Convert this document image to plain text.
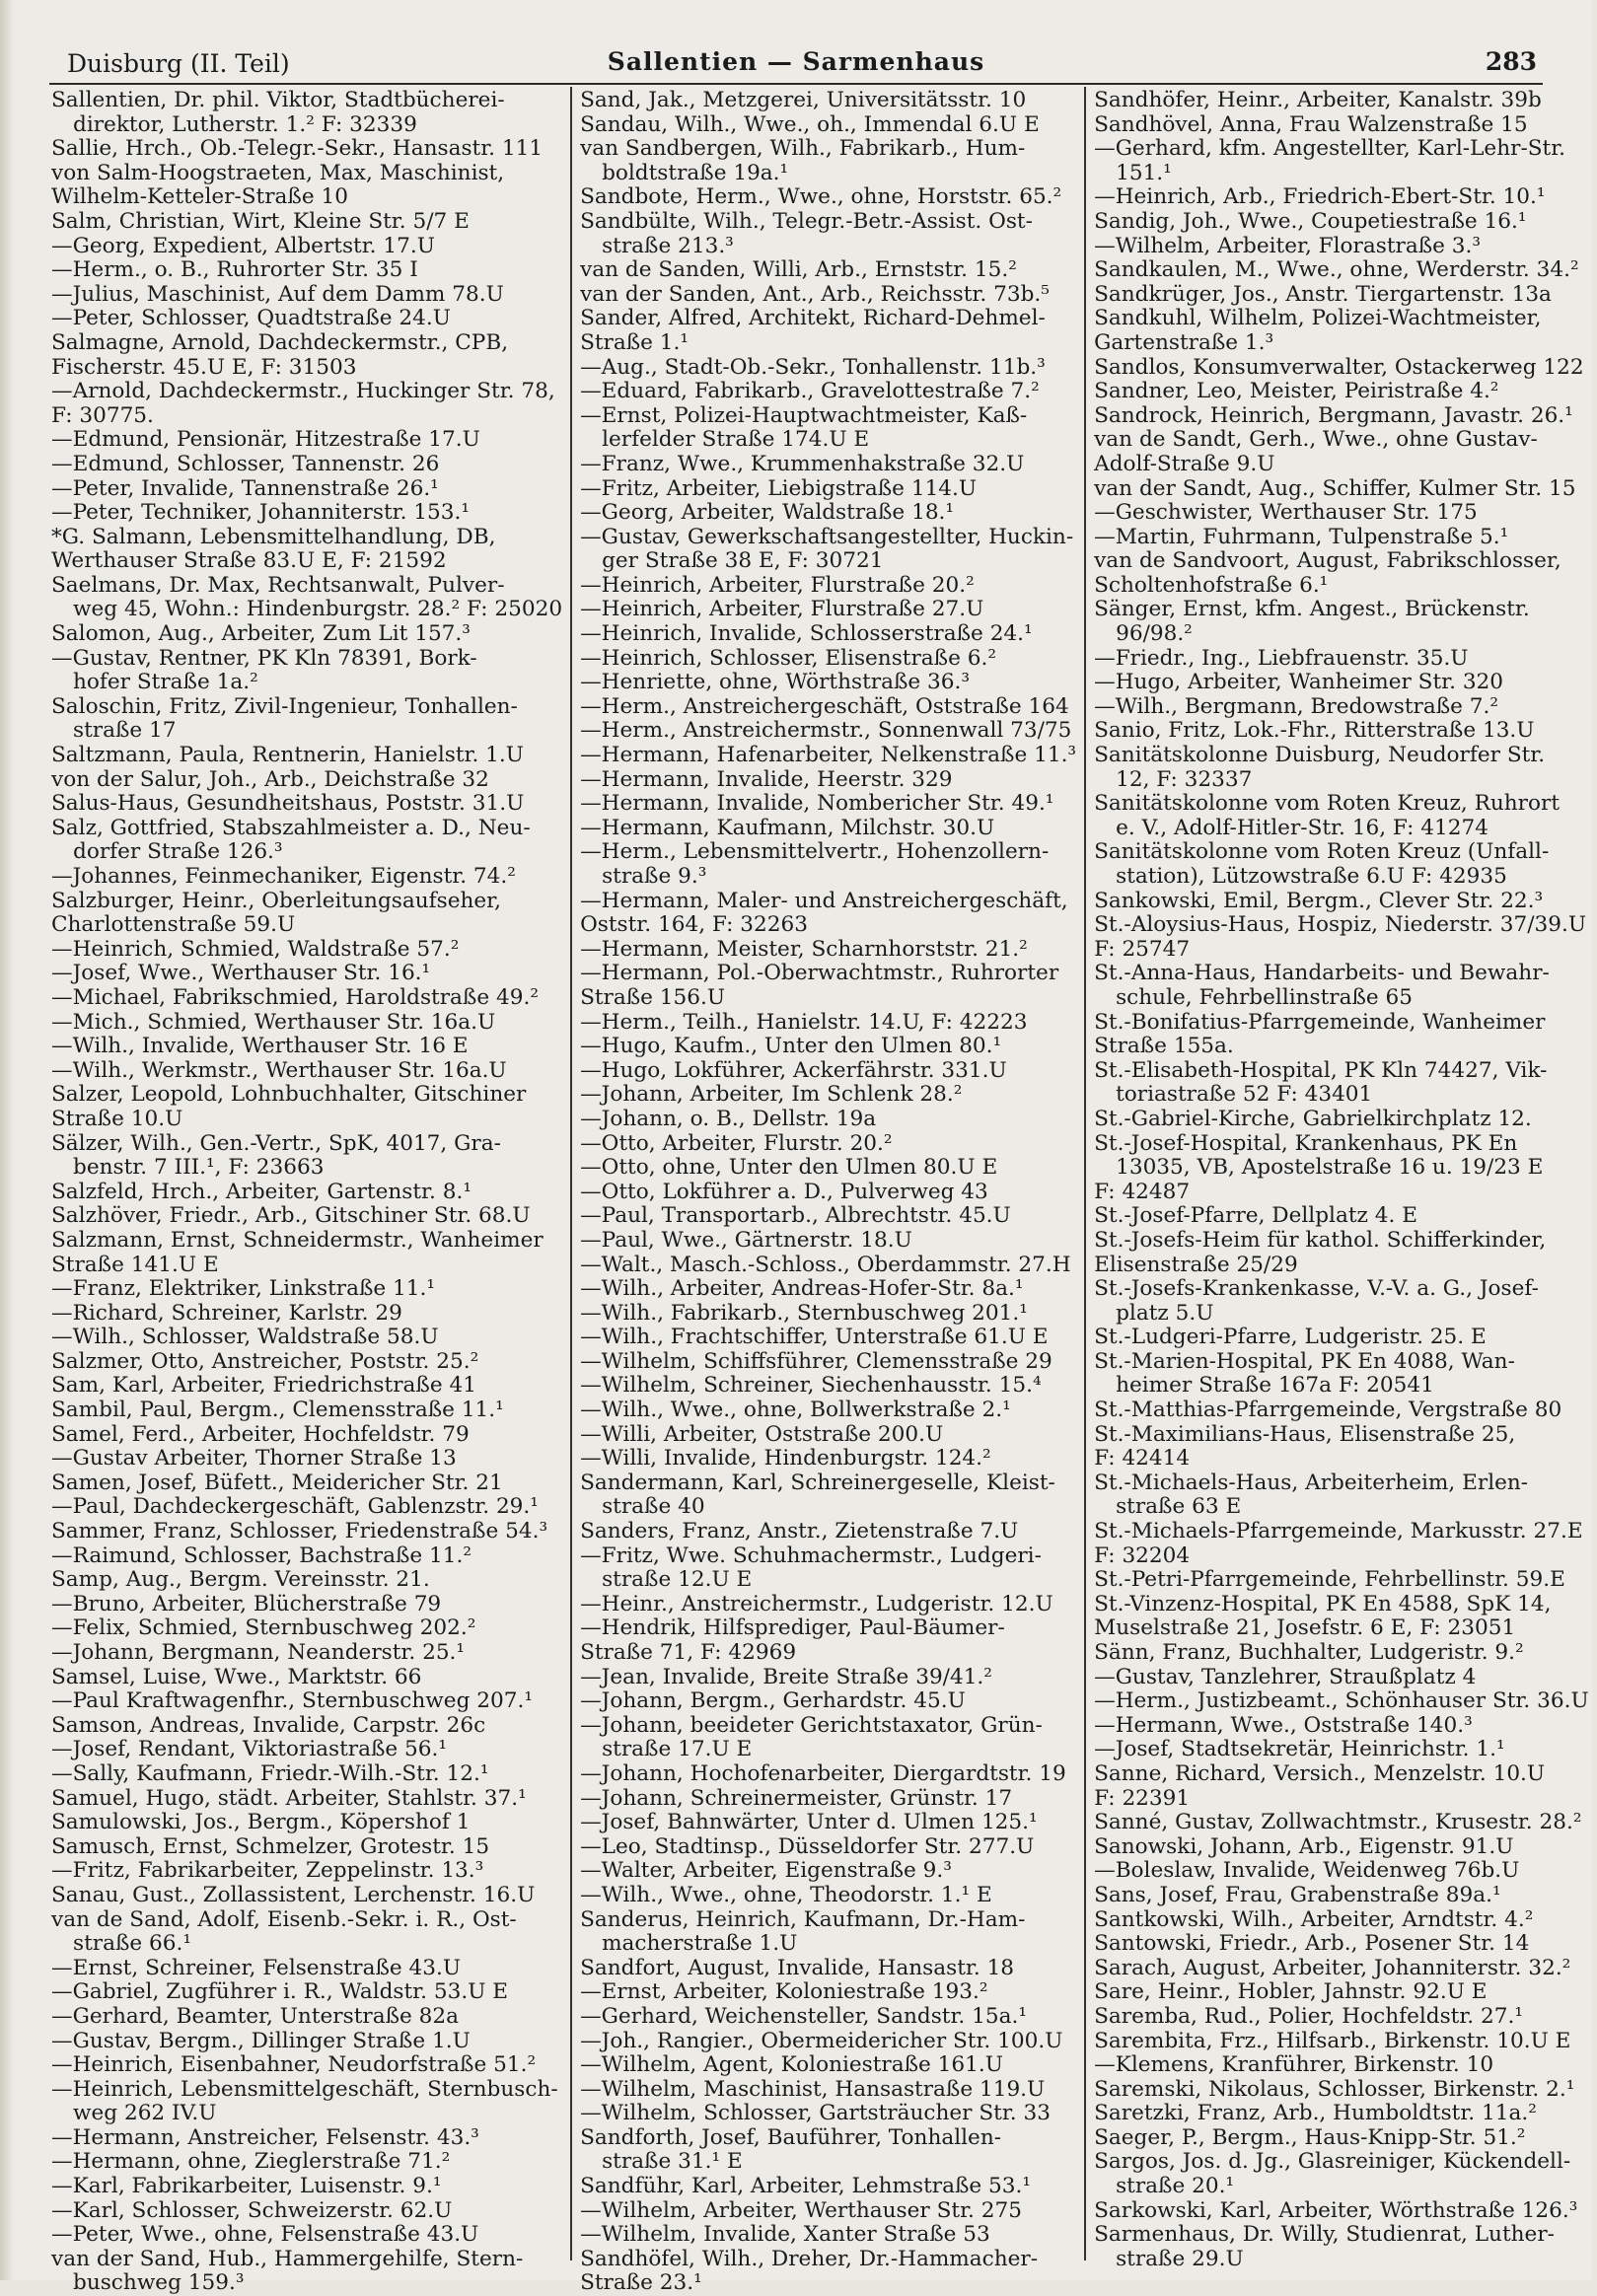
Duisburg (II. Teil)	Sallentien — Sarmenhaus	283
Sallentien, Dr. phil. Viktor, Stadtbücherei-
direktor, Lutherstr. 1.² F: 32339
Sallie, Hrch., Ob.-Telegr.-Sekr., Hansastr. 111
von Salm-Hoogstraeten, Max, Maschinist,
Wilhelm-Ketteler-Straße 10
Salm, Christian, Wirt, Kleine Str. 5/7 E
—Georg, Expedient, Albertstr. 17.U
—Herm., o. B., Ruhrorter Str. 35 I
—Julius, Maschinist, Auf dem Damm 78.U
—Peter, Schlosser, Quadtstraße 24.U
Salmagne, Arnold, Dachdeckermstr., CPB,
Fischerstr. 45.U E, F: 31503
—Arnold, Dachdeckermstr., Huckinger Str. 78,
F: 30775.
—Edmund, Pensionär, Hitzestraße 17.U
—Edmund, Schlosser, Tannenstr. 26
—Peter, Invalide, Tannenstraße 26.¹
—Peter, Techniker, Johanniterstr. 153.¹
*G. Salmann, Lebensmittelhandlung, DB,
Werthauser Straße 83.U E, F: 21592
Saelmans, Dr. Max, Rechtsanwalt, Pulver-
weg 45, Wohn.: Hindenburgstr. 28.² F: 25020
Salomon, Aug., Arbeiter, Zum Lit 157.³
—Gustav, Rentner, PK Kln 78391, Bork-
hofer Straße 1a.²
Saloschin, Fritz, Zivil-Ingenieur, Tonhallen-
straße 17
Saltzmann, Paula, Rentnerin, Hanielstr. 1.U
von der Salur, Joh., Arb., Deichstraße 32
Salus-Haus, Gesundheitshaus, Poststr. 31.U
Salz, Gottfried, Stabszahlmeister a. D., Neu-
dorfer Straße 126.³
—Johannes, Feinmechaniker, Eigenstr. 74.²
Salzburger, Heinr., Oberleitungsaufseher,
Charlottenstraße 59.U
—Heinrich, Schmied, Waldstraße 57.²
—Josef, Wwe., Werthauser Str. 16.¹
—Michael, Fabrikschmied, Haroldstraße 49.²
—Mich., Schmied, Werthauser Str. 16a.U
—Wilh., Invalide, Werthauser Str. 16 E
—Wilh., Werkmstr., Werthauser Str. 16a.U
Salzer, Leopold, Lohnbuchhalter, Gitschiner
Straße 10.U
Sälzer, Wilh., Gen.-Vertr., SpK, 4017, Gra-
benstr. 7 III.¹, F: 23663
Salzfeld, Hrch., Arbeiter, Gartenstr. 8.¹
Salzhöver, Friedr., Arb., Gitschiner Str. 68.U
Salzmann, Ernst, Schneidermstr., Wanheimer
Straße 141.U E
—Franz, Elektriker, Linkstraße 11.¹
—Richard, Schreiner, Karlstr. 29
—Wilh., Schlosser, Waldstraße 58.U
Salzmer, Otto, Anstreicher, Poststr. 25.²
Sam, Karl, Arbeiter, Friedrichstraße 41
Sambil, Paul, Bergm., Clemensstraße 11.¹
Samel, Ferd., Arbeiter, Hochfeldstr. 79
—Gustav Arbeiter, Thorner Straße 13
Samen, Josef, Büfett., Meidericher Str. 21
—Paul, Dachdeckergeschäft, Gablenzstr. 29.¹
Sammer, Franz, Schlosser, Friedenstraße 54.³
—Raimund, Schlosser, Bachstraße 11.²
Samp, Aug., Bergm. Vereinsstr. 21.
—Bruno, Arbeiter, Blücherstraße 79
—Felix, Schmied, Sternbuschweg 202.²
—Johann, Bergmann, Neanderstr. 25.¹
Samsel, Luise, Wwe., Marktstr. 66
—Paul Kraftwagenfhr., Sternbuschweg 207.¹
Samson, Andreas, Invalide, Carpstr. 26c
—Josef, Rendant, Viktoriastraße 56.¹
—Sally, Kaufmann, Friedr.-Wilh.-Str. 12.¹
Samuel, Hugo, städt. Arbeiter, Stahlstr. 37.¹
Samulowski, Jos., Bergm., Köpershof 1
Samusch, Ernst, Schmelzer, Grotestr. 15
—Fritz, Fabrikarbeiter, Zeppelinstr. 13.³
Sanau, Gust., Zollassistent, Lerchenstr. 16.U
van de Sand, Adolf, Eisenb.-Sekr. i. R., Ost-
straße 66.¹
—Ernst, Schreiner, Felsenstraße 43.U
—Gabriel, Zugführer i. R., Waldstr. 53.U E
—Gerhard, Beamter, Unterstraße 82a
—Gustav, Bergm., Dillinger Straße 1.U
—Heinrich, Eisenbahner, Neudorfstraße 51.²
—Heinrich, Lebensmittelgeschäft, Sternbusch-
weg 262 IV.U
—Hermann, Anstreicher, Felsenstr. 43.³
—Hermann, ohne, Zieglerstraße 71.²
—Karl, Fabrikarbeiter, Luisenstr. 9.¹
—Karl, Schlosser, Schweizerstr. 62.U
—Peter, Wwe., ohne, Felsenstraße 43.U
van der Sand, Hub., Hammergehilfe, Stern-
buschweg 159.³
Sand, Jak., Metzgerei, Universitätsstr. 10
Sandau, Wilh., Wwe., oh., Immendal 6.U E
van Sandbergen, Wilh., Fabrikarb., Hum-
boldtstraße 19a.¹
Sandbote, Herm., Wwe., ohne, Horststr. 65.²
Sandbülte, Wilh., Telegr.-Betr.-Assist. Ost-
straße 213.³
van de Sanden, Willi, Arb., Ernststr. 15.²
van der Sanden, Ant., Arb., Reichsstr. 73b.⁵
Sander, Alfred, Architekt, Richard-Dehmel-
Straße 1.¹
—Aug., Stadt-Ob.-Sekr., Tonhallenstr. 11b.³
—Eduard, Fabrikarb., Gravelottestraße 7.²
—Ernst, Polizei-Hauptwachtmeister, Kaß-
lerfelder Straße 174.U E
—Franz, Wwe., Krummenhakstraße 32.U
—Fritz, Arbeiter, Liebigstraße 114.U
—Georg, Arbeiter, Waldstraße 18.¹
—Gustav, Gewerkschaftsangestellter, Huckin-
ger Straße 38 E, F: 30721
—Heinrich, Arbeiter, Flurstraße 20.²
—Heinrich, Arbeiter, Flurstraße 27.U
—Heinrich, Invalide, Schlosserstraße 24.¹
—Heinrich, Schlosser, Elisenstraße 6.²
—Henriette, ohne, Wörthstraße 36.³
—Herm., Anstreichergeschäft, Oststraße 164
—Herm., Anstreichermstr., Sonnenwall 73/75
—Hermann, Hafenarbeiter, Nelkenstraße 11.³
—Hermann, Invalide, Heerstr. 329
—Hermann, Invalide, Nombericher Str. 49.¹
—Hermann, Kaufmann, Milchstr. 30.U
—Herm., Lebensmittelvertr., Hohenzollern-
straße 9.³
—Hermann, Maler- und Anstreichergeschäft,
Oststr. 164, F: 32263
—Hermann, Meister, Scharnhorststr. 21.²
—Hermann, Pol.-Oberwachtmstr., Ruhrorter
Straße 156.U
—Herm., Teilh., Hanielstr. 14.U, F: 42223
—Hugo, Kaufm., Unter den Ulmen 80.¹
—Hugo, Lokführer, Ackerfährstr. 331.U
—Johann, Arbeiter, Im Schlenk 28.²
—Johann, o. B., Dellstr. 19a
—Otto, Arbeiter, Flurstr. 20.²
—Otto, ohne, Unter den Ulmen 80.U E
—Otto, Lokführer a. D., Pulverweg 43
—Paul, Transportarb., Albrechtstr. 45.U
—Paul, Wwe., Gärtnerstr. 18.U
—Walt., Masch.-Schloss., Oberdammstr. 27.H
—Wilh., Arbeiter, Andreas-Hofer-Str. 8a.¹
—Wilh., Fabrikarb., Sternbuschweg 201.¹
—Wilh., Frachtschiffer, Unterstraße 61.U E
—Wilhelm, Schiffsführer, Clemensstraße 29
—Wilhelm, Schreiner, Siechenhausstr. 15.⁴
—Wilh., Wwe., ohne, Bollwerkstraße 2.¹
—Willi, Arbeiter, Oststraße 200.U
—Willi, Invalide, Hindenburgstr. 124.²
Sandermann, Karl, Schreinergeselle, Kleist-
straße 40
Sanders, Franz, Anstr., Zietenstraße 7.U
—Fritz, Wwe. Schuhmachermstr., Ludgeri-
straße 12.U E
—Heinr., Anstreichermstr., Ludgeristr. 12.U
—Hendrik, Hilfsprediger, Paul-Bäumer-
Straße 71, F: 42969
—Jean, Invalide, Breite Straße 39/41.²
—Johann, Bergm., Gerhardstr. 45.U
—Johann, beeideter Gerichtstaxator, Grün-
straße 17.U E
—Johann, Hochofenarbeiter, Diergardtstr. 19
—Johann, Schreinermeister, Grünstr. 17
—Josef, Bahnwärter, Unter d. Ulmen 125.¹
—Leo, Stadtinsp., Düsseldorfer Str. 277.U
—Walter, Arbeiter, Eigenstraße 9.³
—Wilh., Wwe., ohne, Theodorstr. 1.¹ E
Sanderus, Heinrich, Kaufmann, Dr.-Ham-
macherstraße 1.U
Sandfort, August, Invalide, Hansastr. 18
—Ernst, Arbeiter, Koloniestraße 193.²
—Gerhard, Weichensteller, Sandstr. 15a.¹
—Joh., Rangier., Obermeidericher Str. 100.U
—Wilhelm, Agent, Koloniestraße 161.U
—Wilhelm, Maschinist, Hansastraße 119.U
—Wilhelm, Schlosser, Gartsträucher Str. 33
Sandforth, Josef, Bauführer, Tonhallen-
straße 31.¹ E
Sandführ, Karl, Arbeiter, Lehmstraße 53.¹
—Wilhelm, Arbeiter, Werthauser Str. 275
—Wilhelm, Invalide, Xanter Straße 53
Sandhöfel, Wilh., Dreher, Dr.-Hammacher-
Straße 23.¹
Sandhöfer, Heinr., Arbeiter, Kanalstr. 39b
Sandhövel, Anna, Frau Walzenstraße 15
—Gerhard, kfm. Angestellter, Karl-Lehr-Str.
151.¹
—Heinrich, Arb., Friedrich-Ebert-Str. 10.¹
Sandig, Joh., Wwe., Coupetiestraße 16.¹
—Wilhelm, Arbeiter, Florastraße 3.³
Sandkaulen, M., Wwe., ohne, Werderstr. 34.²
Sandkrüger, Jos., Anstr. Tiergartenstr. 13a
Sandkuhl, Wilhelm, Polizei-Wachtmeister,
Gartenstraße 1.³
Sandlos, Konsumverwalter, Ostackerweg 122
Sandner, Leo, Meister, Peiristraße 4.²
Sandrock, Heinrich, Bergmann, Javastr. 26.¹
van de Sandt, Gerh., Wwe., ohne Gustav-
Adolf-Straße 9.U
van der Sandt, Aug., Schiffer, Kulmer Str. 15
—Geschwister, Werthauser Str. 175
—Martin, Fuhrmann, Tulpenstraße 5.¹
van de Sandvoort, August, Fabrikschlosser,
Scholtenhofstraße 6.¹
Sänger, Ernst, kfm. Angest., Brückenstr.
96/98.²
—Friedr., Ing., Liebfrauenstr. 35.U
—Hugo, Arbeiter, Wanheimer Str. 320
—Wilh., Bergmann, Bredowstraße 7.²
Sanio, Fritz, Lok.-Fhr., Ritterstraße 13.U
Sanitätskolonne Duisburg, Neudorfer Str.
12, F: 32337
Sanitätskolonne vom Roten Kreuz, Ruhrort
e. V., Adolf-Hitler-Str. 16, F: 41274
Sanitätskolonne vom Roten Kreuz (Unfall-
station), Lützowstraße 6.U F: 42935
Sankowski, Emil, Bergm., Clever Str. 22.³
St.-Aloysius-Haus, Hospiz, Niederstr. 37/39.U
F: 25747
St.-Anna-Haus, Handarbeits- und Bewahr-
schule, Fehrbellinstraße 65
St.-Bonifatius-Pfarrgemeinde, Wanheimer
Straße 155a.
St.-Elisabeth-Hospital, PK Kln 74427, Vik-
toriastraße 52 F: 43401
St.-Gabriel-Kirche, Gabrielkirchplatz 12.
St.-Josef-Hospital, Krankenhaus, PK En
13035, VB, Apostelstraße 16 u. 19/23 E
F: 42487
St.-Josef-Pfarre, Dellplatz 4. E
St.-Josefs-Heim für kathol. Schifferkinder,
Elisenstraße 25/29
St.-Josefs-Krankenkasse, V.-V. a. G., Josef-
platz 5.U
St.-Ludgeri-Pfarre, Ludgeristr. 25. E
St.-Marien-Hospital, PK En 4088, Wan-
heimer Straße 167a F: 20541
St.-Matthias-Pfarrgemeinde, Vergstraße 80
St.-Maximilians-Haus, Elisenstraße 25,
F: 42414
St.-Michaels-Haus, Arbeiterheim, Erlen-
straße 63 E
St.-Michaels-Pfarrgemeinde, Markusstr. 27.E
F: 32204
St.-Petri-Pfarrgemeinde, Fehrbellinstr. 59.E
St.-Vinzenz-Hospital, PK En 4588, SpK 14,
Muselstraße 21, Josefstr. 6 E, F: 23051
Sänn, Franz, Buchhalter, Ludgeristr. 9.²
—Gustav, Tanzlehrer, Straußplatz 4
—Herm., Justizbeamt., Schönhauser Str. 36.U
—Hermann, Wwe., Oststraße 140.³
—Josef, Stadtsekretär, Heinrichstr. 1.¹
Sanne, Richard, Versich., Menzelstr. 10.U
F: 22391
Sanné, Gustav, Zollwachtmstr., Krusestr. 28.²
Sanowski, Johann, Arb., Eigenstr. 91.U
—Boleslaw, Invalide, Weidenweg 76b.U
Sans, Josef, Frau, Grabenstraße 89a.¹
Santkowski, Wilh., Arbeiter, Arndtstr. 4.²
Santowski, Friedr., Arb., Posener Str. 14
Sarach, August, Arbeiter, Johanniterstr. 32.²
Sare, Heinr., Hobler, Jahnstr. 92.U E
Saremba, Rud., Polier, Hochfeldstr. 27.¹
Sarembita, Frz., Hilfsarb., Birkenstr. 10.U E
—Klemens, Kranführer, Birkenstr. 10
Saremski, Nikolaus, Schlosser, Birkenstr. 2.¹
Saretzki, Franz, Arb., Humboldtstr. 11a.²
Saeger, P., Bergm., Haus-Knipp-Str. 51.²
Sargos, Jos. d. Jg., Glasreiniger, Kückendell-
straße 20.¹
Sarkowski, Karl, Arbeiter, Wörthstraße 126.³
Sarmenhaus, Dr. Willy, Studienrat, Luther-
straße 29.U
